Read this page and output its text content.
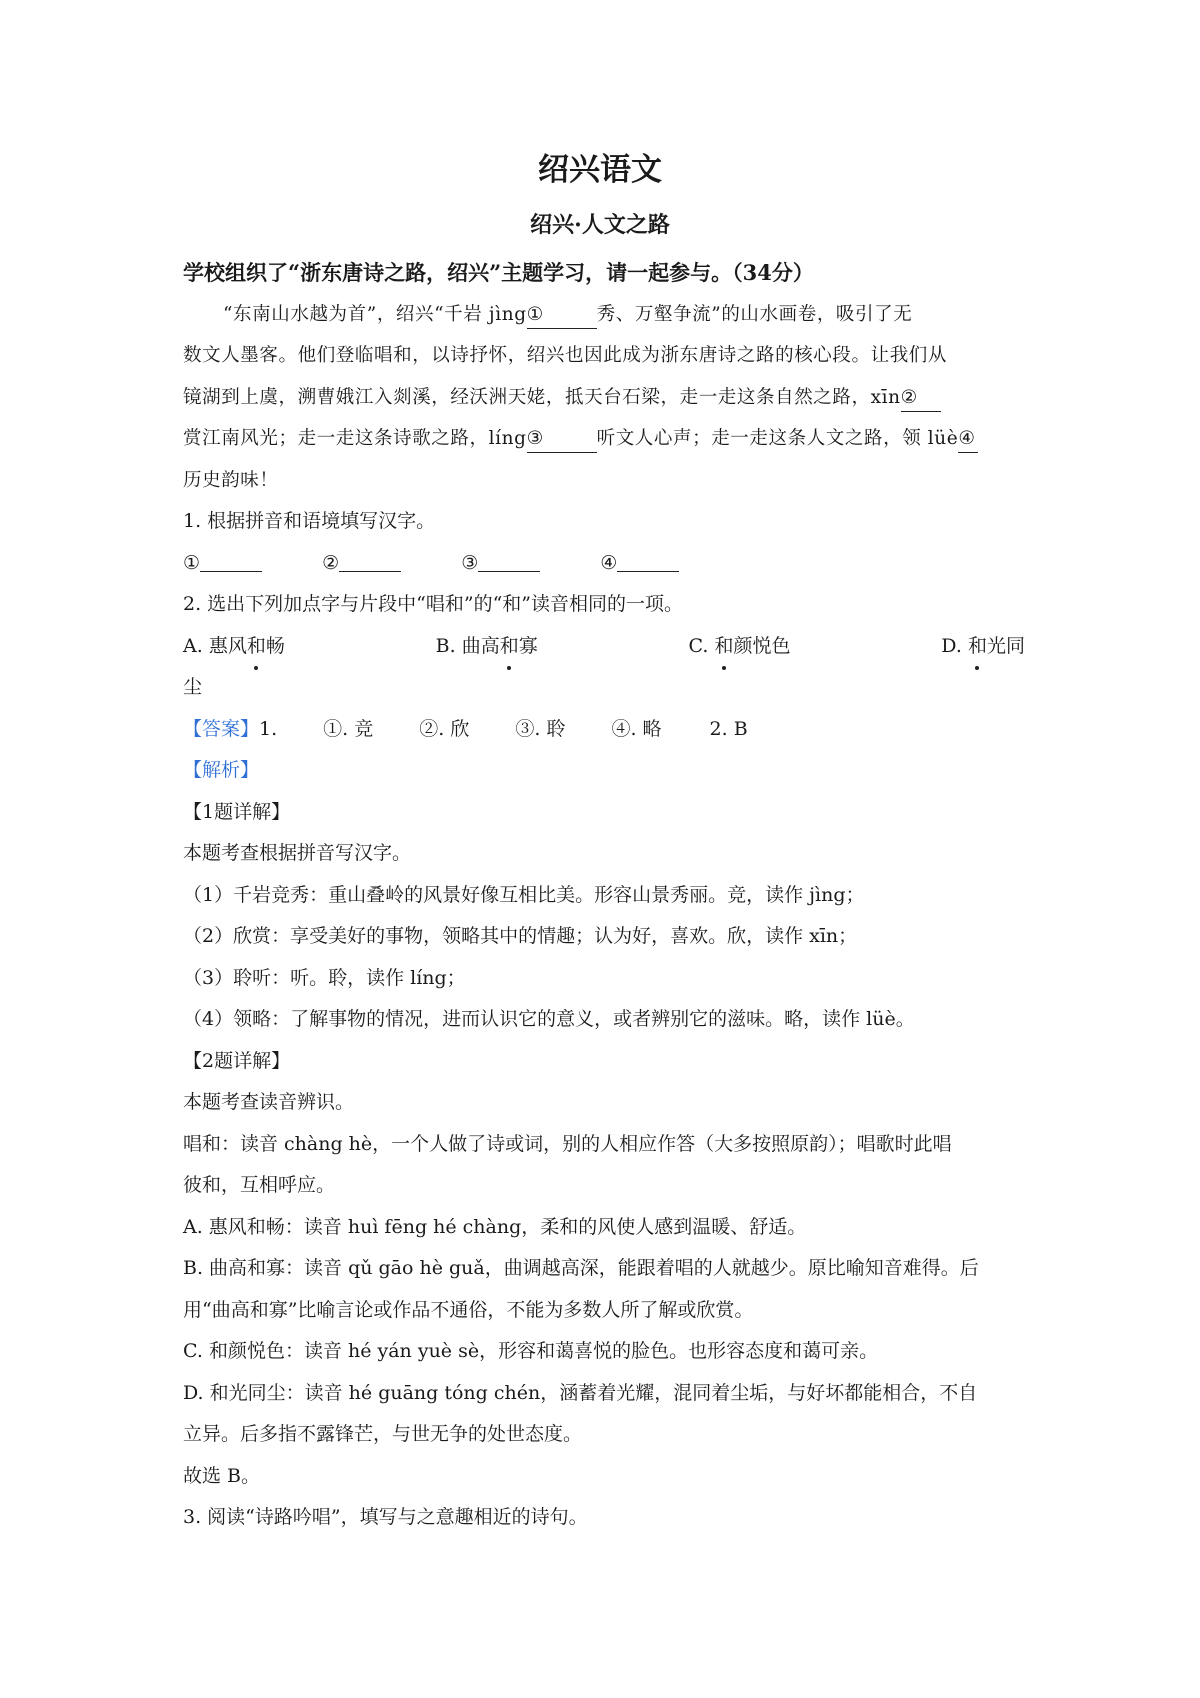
绍兴语文
绍兴·人文之路
学校组织了“浙东唐诗之路，绍兴”主题学习，请一起参与。（34分）
“东南山水越为首”，绍兴“千岩 jìng①	秀、万壑争流”的山水画卷，吸引了无
数文人墨客。他们登临唱和，以诗抒怀，绍兴也因此成为浙东唐诗之路的核心段。让我们从
镜湖到上虞，溯曹娥江入剡溪，经沃洲天姥，抵天台石梁，走一走这条自然之路，xīn②
赏江南风光；走一走这条诗歌之路，líng③	听文人心声；走一走这条人文之路，领 lüè④
历史韵味！
1. 根据拼音和语境填写汉字。
①	②	③	④
2. 选出下列加点字与片段中“唱和”的“和”读音相同的一项。
A. 惠风和畅	B. 曲高和寡	C. 和颜悦色	D. 和光同
尘
【答案】1. ①. 竞 ②. 欣 ③. 聆 ④. 略	2. B
【解析】
【1题详解】
本题考查根据拼音写汉字。
（1）千岩竞秀：重山叠岭的风景好像互相比美。形容山景秀丽。竞，读作 jìng；
（2）欣赏：享受美好的事物，领略其中的情趣；认为好，喜欢。欣，读作 xīn；
（3）聆听：听。聆，读作 líng；
（4）领略：了解事物的情况，进而认识它的意义，或者辨别它的滋味。略，读作 lüè。
【2题详解】
本题考查读音辨识。
唱和：读音 chàng hè，一个人做了诗或词，别的人相应作答（大多按照原韵）；唱歌时此唱
彼和，互相呼应。
A. 惠风和畅：读音 huì fēng hé chàng，柔和的风使人感到温暖、舒适。
B. 曲高和寡：读音 qǔ gāo hè guǎ，曲调越高深，能跟着唱的人就越少。原比喻知音难得。后
用“曲高和寡”比喻言论或作品不通俗，不能为多数人所了解或欣赏。
C. 和颜悦色：读音 hé yán yuè sè，形容和蔼喜悦的脸色。也形容态度和蔼可亲。
D. 和光同尘：读音 hé guāng tóng chén，涵蓄着光耀，混同着尘垢，与好坏都能相合，不自
立异。后多指不露锋芒，与世无争的处世态度。
故选 B。
3. 阅读“诗路吟唱”，填写与之意趣相近的诗句。
